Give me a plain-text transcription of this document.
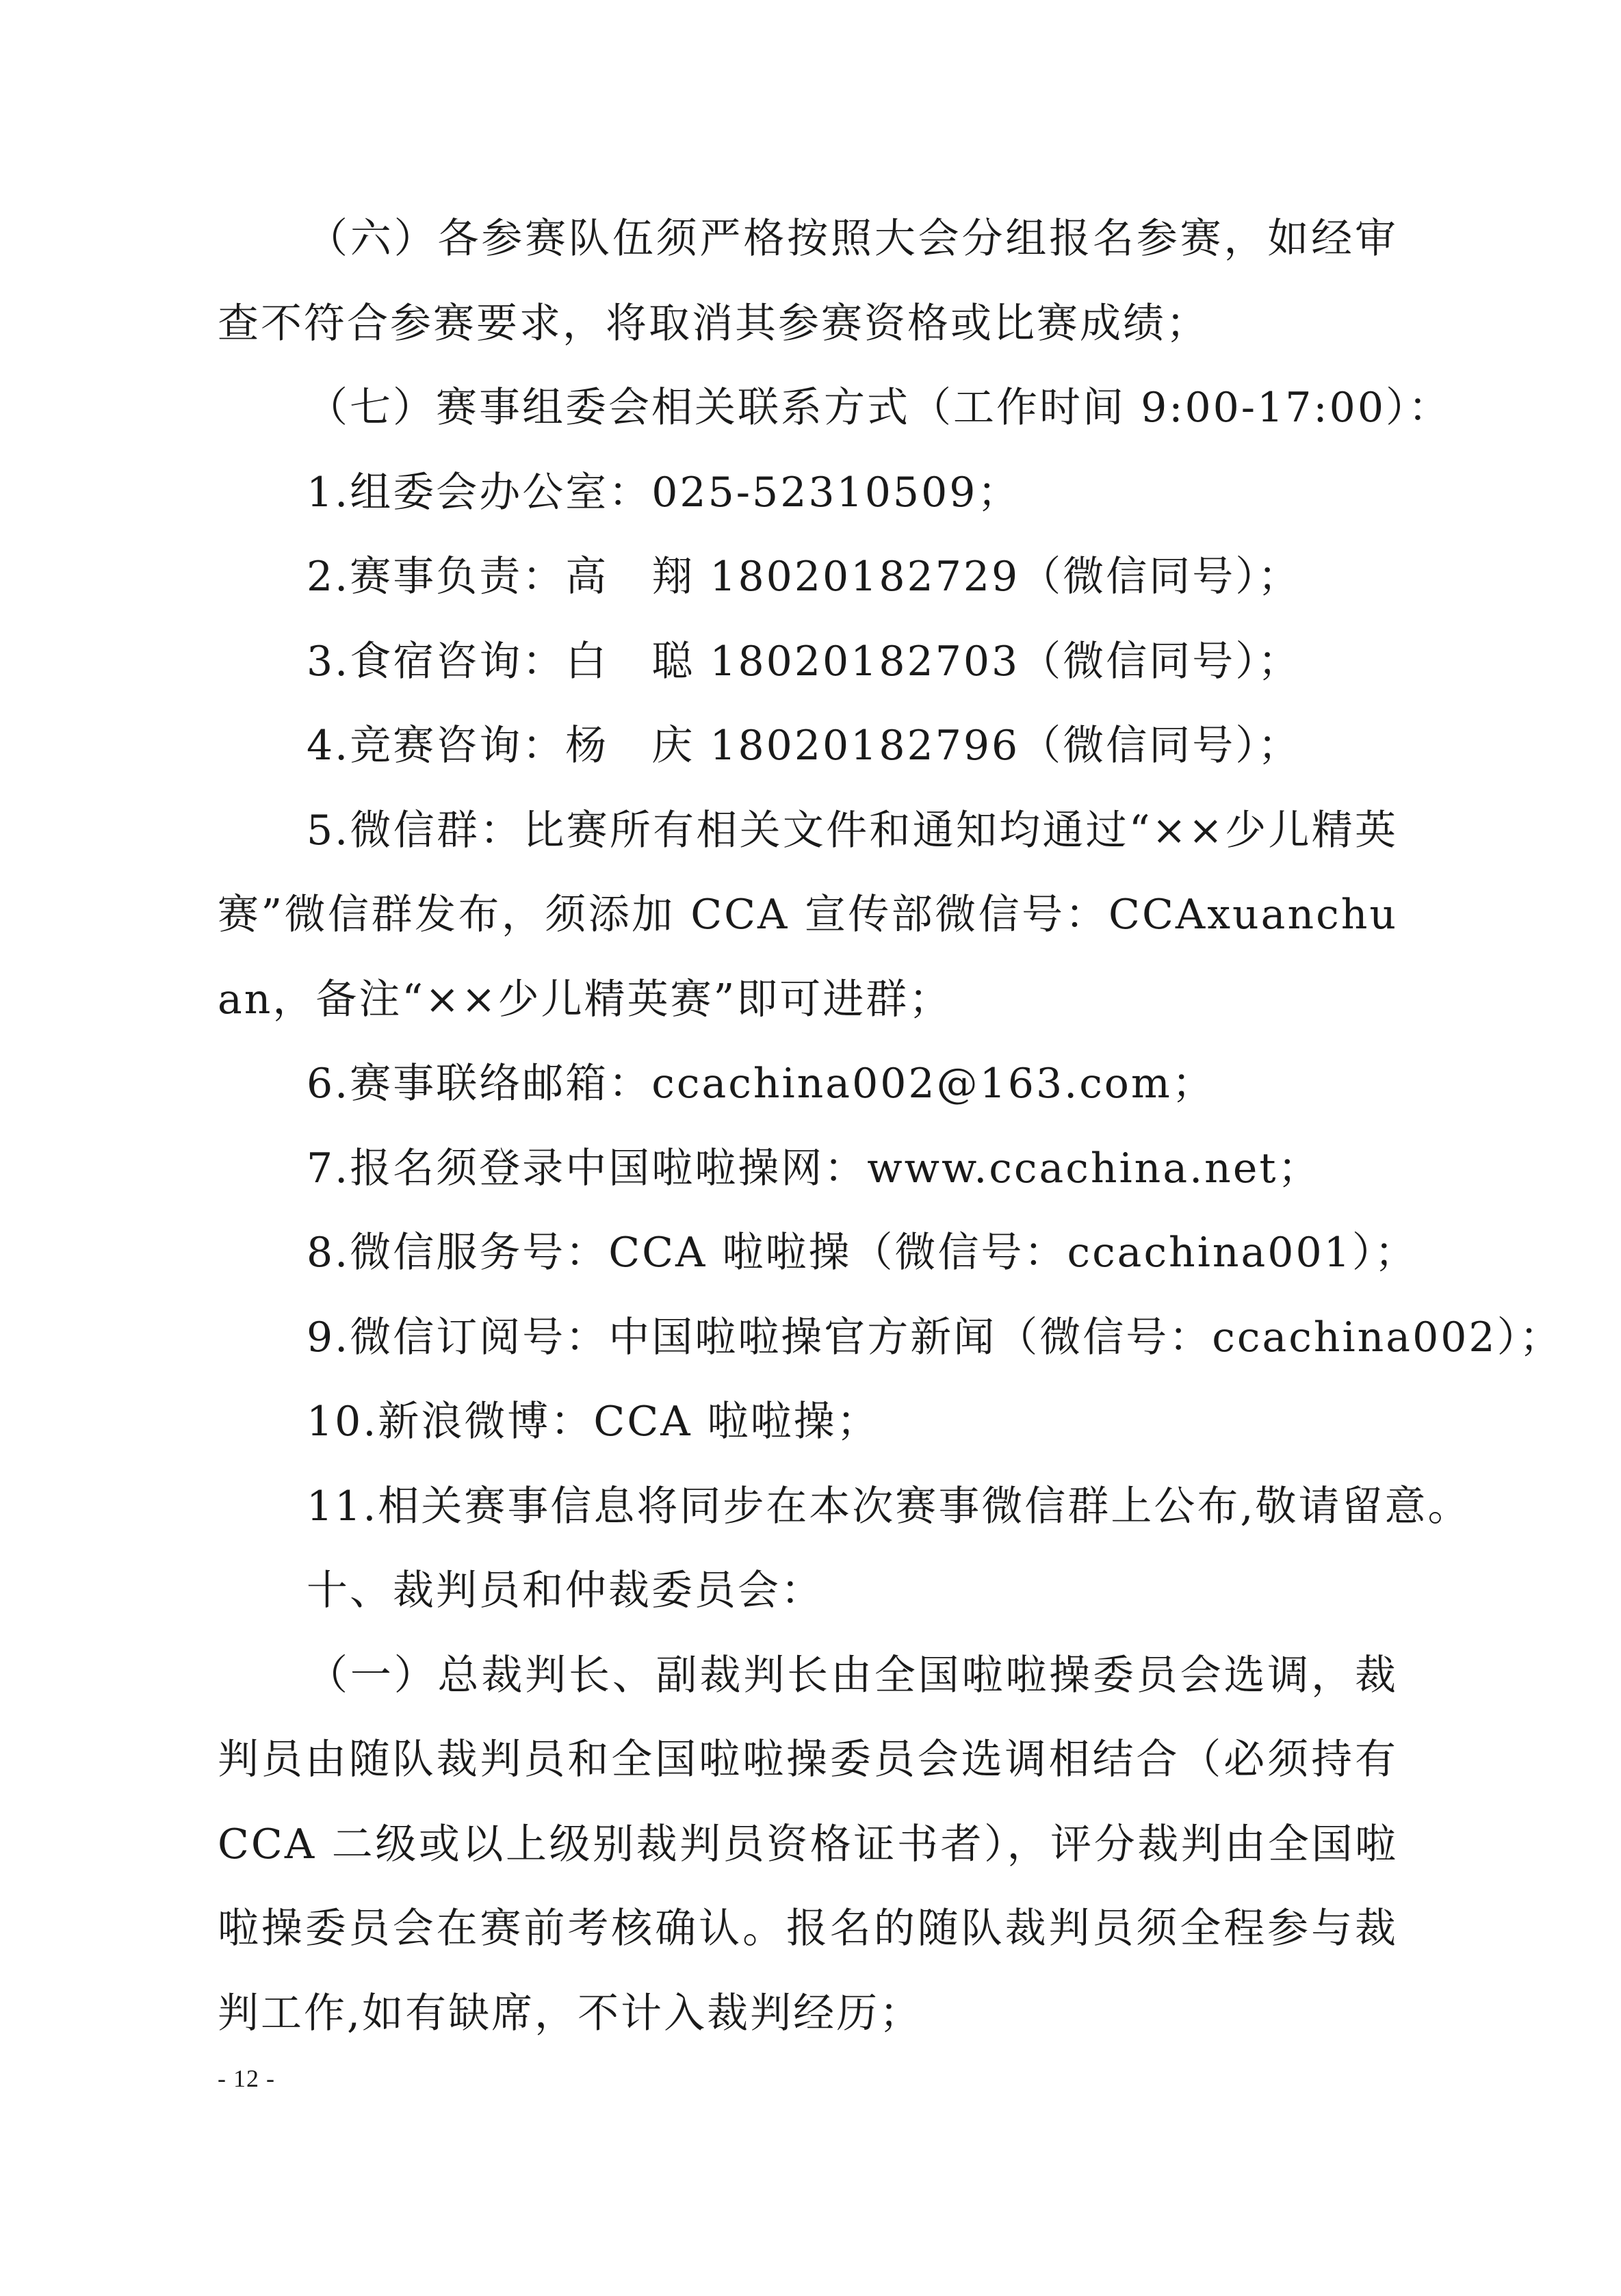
（六）各参赛队伍须严格按照大会分组报名参赛，如经审查不符合参赛要求，将取消其参赛资格或比赛成绩；

（七）赛事组委会相关联系方式（工作时间 9:00-17:00）：

1.组委会办公室：025-52310509；

2.赛事负责：高　翔 18020182729（微信同号）；

3.食宿咨询：白　聪 18020182703（微信同号）；

4.竞赛咨询：杨　庆 18020182796（微信同号）；

5.微信群：比赛所有相关文件和通知均通过“××少儿精英赛”微信群发布，须添加 CCA 宣传部微信号：CCAxuanchuan，备注“××少儿精英赛”即可进群；

6.赛事联络邮箱：ccachina002@163.com；

7.报名须登录中国啦啦操网：www.ccachina.net；

8.微信服务号：CCA 啦啦操（微信号：ccachina001）；

9.微信订阅号：中国啦啦操官方新闻（微信号：ccachina002）；

10.新浪微博：CCA 啦啦操；

11.相关赛事信息将同步在本次赛事微信群上公布,敬请留意。

十、裁判员和仲裁委员会：

（一）总裁判长、副裁判长由全国啦啦操委员会选调，裁判员由随队裁判员和全国啦啦操委员会选调相结合（必须持有 CCA 二级或以上级别裁判员资格证书者），评分裁判由全国啦啦操委员会在赛前考核确认。报名的随队裁判员须全程参与裁判工作,如有缺席，不计入裁判经历；

- 12 -
